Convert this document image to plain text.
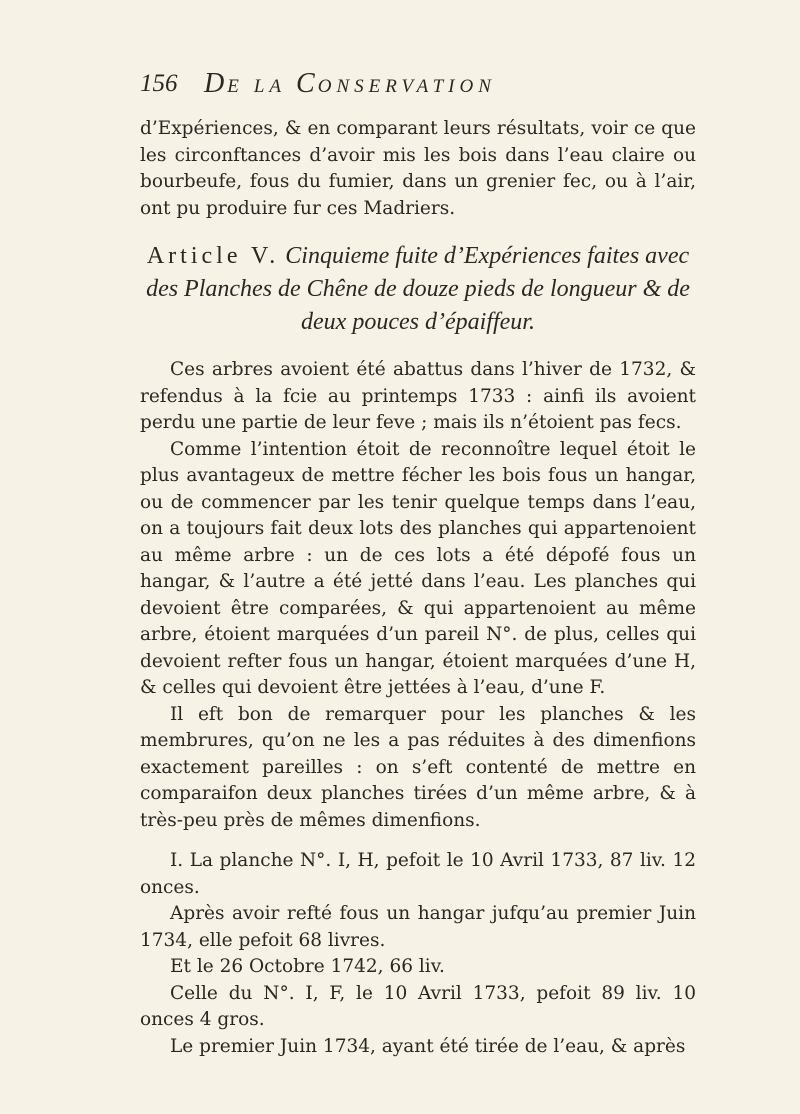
156 DE LA CONSERVATION

d’Expériences, & en comparant leurs résultats, voir ce que les circonftances d’avoir mis les bois dans l’eau claire ou bourbeufe, fous du fumier, dans un grenier fec, ou à l’air, ont pu produire fur ces Madriers.

Article V. Cinquieme fuite d’Expériences faites avec des Planches de Chêne de douze pieds de longueur & de deux pouces d’épaiffeur.

Ces arbres avoient été abattus dans l’hiver de 1732, & refendus à la fcie au printemps 1733 : ainfi ils avoient perdu une partie de leur feve ; mais ils n’étoient pas fecs.

Comme l’intention étoit de reconnoître lequel étoit le plus avantageux de mettre fécher les bois fous un hangar, ou de commencer par les tenir quelque temps dans l’eau, on a toujours fait deux lots des planches qui appartenoient au même arbre : un de ces lots a été dépofé fous un hangar, & l’autre a été jetté dans l’eau. Les planches qui devoient être comparées, & qui appartenoient au même arbre, étoient marquées d’un pareil N°. de plus, celles qui devoient refter fous un hangar, étoient marquées d’une H, & celles qui devoient être jettées à l’eau, d’une F.

Il eft bon de remarquer pour les planches & les membrures, qu’on ne les a pas réduites à des dimenfions exactement pareilles : on s’eft contenté de mettre en comparaifon deux planches tirées d’un même arbre, & à très-peu près de mêmes dimenfions.

I. La planche N°. I, H, pefoit le 10 Avril 1733, 87 liv. 12 onces.

Après avoir refté fous un hangar jufqu’au premier Juin 1734, elle pefoit 68 livres.

Et le 26 Octobre 1742, 66 liv.

Celle du N°. I, F, le 10 Avril 1733, pefoit 89 liv. 10 onces 4 gros.

Le premier Juin 1734, ayant été tirée de l’eau, & après
